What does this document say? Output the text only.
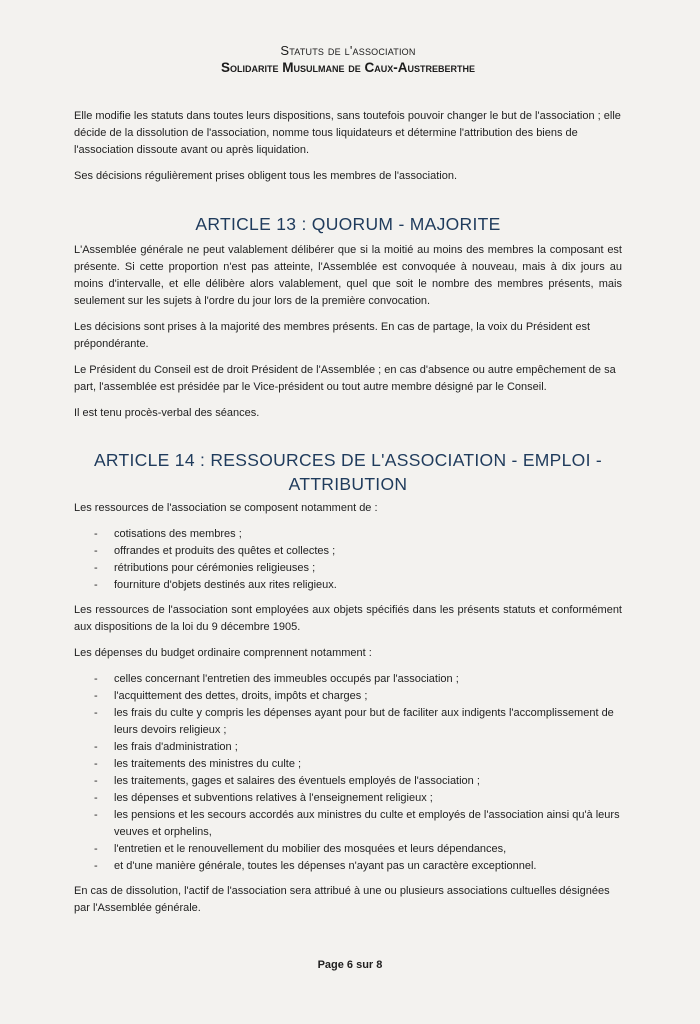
Statuts de l'association
Solidarite Musulmane de Caux-Austreberthe

Elle modifie les statuts dans toutes leurs dispositions, sans toutefois pouvoir changer le but de l'association ; elle décide de la dissolution de l'association, nomme tous liquidateurs et détermine l'attribution des biens de l'association dissoute avant ou après liquidation.

Ses décisions régulièrement prises obligent tous les membres de l'association.

ARTICLE 13 : QUORUM - MAJORITE

L'Assemblée générale ne peut valablement délibérer que si la moitié au moins des membres la composant est présente. Si cette proportion n'est pas atteinte, l'Assemblée est convoquée à nouveau, mais à dix jours au moins d'intervalle, et elle délibère alors valablement, quel que soit le nombre des membres présents, mais seulement sur les sujets à l'ordre du jour lors de la première convocation.

Les décisions sont prises à la majorité des membres présents. En cas de partage, la voix du Président est prépondérante.

Le Président du Conseil est de droit Président de l'Assemblée ; en cas d'absence ou autre empêchement de sa part, l'assemblée est présidée par le Vice-président ou tout autre membre désigné par le Conseil.

Il est tenu procès-verbal des séances.

ARTICLE 14 : RESSOURCES DE L'ASSOCIATION - EMPLOI -
ATTRIBUTION

Les ressources de l'association se composent notamment de :

- cotisations des membres ;
- offrandes et produits des quêtes et collectes ;
- rétributions pour cérémonies religieuses ;
- fourniture d'objets destinés aux rites religieux.

Les ressources de l'association sont employées aux objets spécifiés dans les présents statuts et conformément aux dispositions de la loi du 9 décembre 1905.

Les dépenses du budget ordinaire comprennent notamment :

- celles concernant l'entretien des immeubles occupés par l'association ;
- l'acquittement des dettes, droits, impôts et charges ;
- les frais du culte y compris les dépenses ayant pour but de faciliter aux indigents l'accomplissement de leurs devoirs religieux ;
- les frais d'administration ;
- les traitements des ministres du culte ;
- les traitements, gages et salaires des éventuels employés de l'association ;
- les dépenses et subventions relatives à l'enseignement religieux ;
- les pensions et les secours accordés aux ministres du culte et employés de l'association ainsi qu'à leurs veuves et orphelins,
- l'entretien et le renouvellement du mobilier des mosquées et leurs dépendances,
- et d'une manière générale, toutes les dépenses n'ayant pas un caractère exceptionnel.

En cas de dissolution, l'actif de l'association sera attribué à une ou plusieurs associations cultuelles désignées par l'Assemblée générale.

Page 6 sur 8
